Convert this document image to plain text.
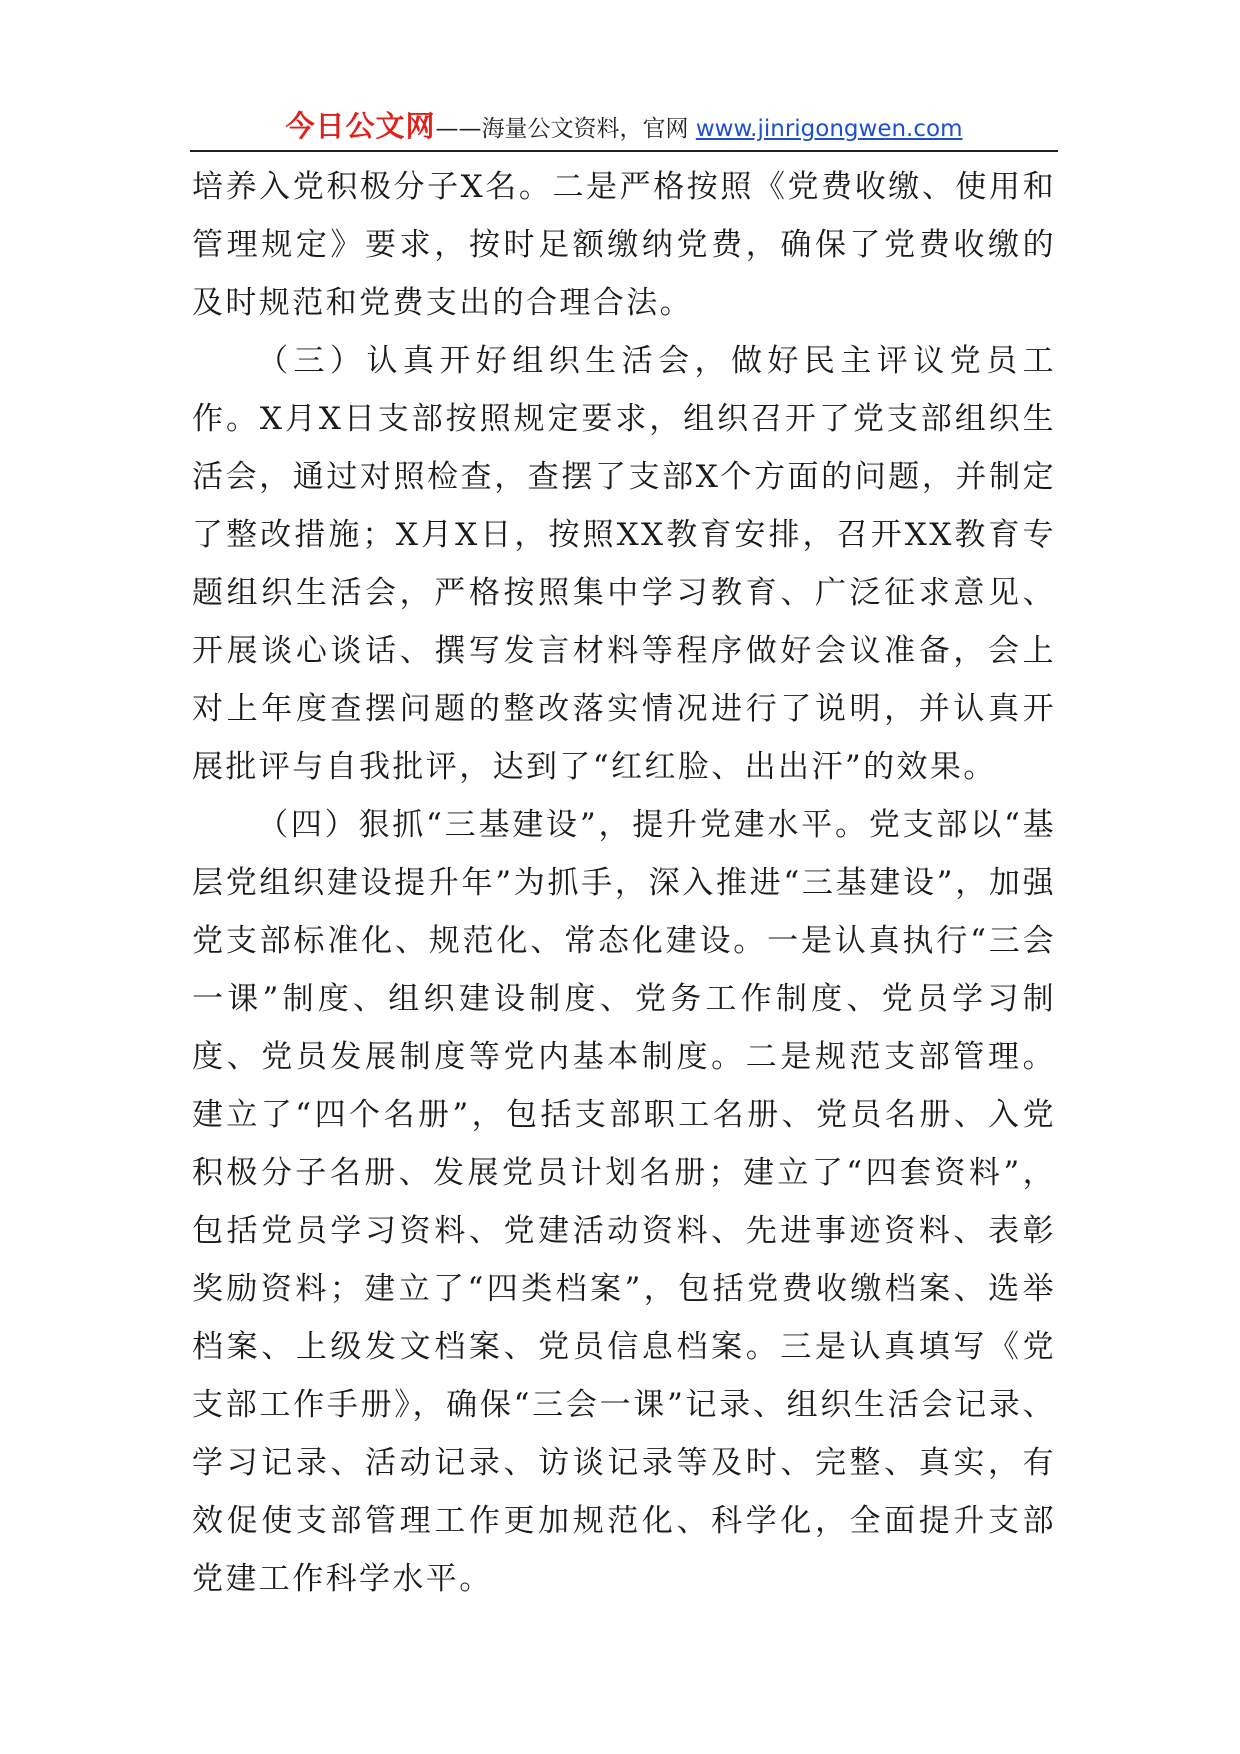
今日公文网——海量公文资料，官网 www.jinrigongwen.com

培养入党积极分子X名。二是严格按照《党费收缴、使用和管理规定》要求，按时足额缴纳党费，确保了党费收缴的及时规范和党费支出的合理合法。

（三）认真开好组织生活会，做好民主评议党员工作。X月X日支部按照规定要求，组织召开了党支部组织生活会，通过对照检查，查摆了支部X个方面的问题，并制定了整改措施；X月X日，按照XX教育安排，召开XX教育专题组织生活会，严格按照集中学习教育、广泛征求意见、开展谈心谈话、撰写发言材料等程序做好会议准备，会上对上年度查摆问题的整改落实情况进行了说明，并认真开展批评与自我批评，达到了“红红脸、出出汗”的效果。

（四）狠抓“三基建设”，提升党建水平。党支部以“基层党组织建设提升年”为抓手，深入推进“三基建设”，加强党支部标准化、规范化、常态化建设。一是认真执行“三会一课”制度、组织建设制度、党务工作制度、党员学习制度、党员发展制度等党内基本制度。二是规范支部管理。建立了“四个名册”，包括支部职工名册、党员名册、入党积极分子名册、发展党员计划名册；建立了“四套资料”，包括党员学习资料、党建活动资料、先进事迹资料、表彰奖励资料；建立了“四类档案”，包括党费收缴档案、选举档案、上级发文档案、党员信息档案。三是认真填写《党支部工作手册》，确保“三会一课”记录、组织生活会记录、学习记录、活动记录、访谈记录等及时、完整、真实，有效促使支部管理工作更加规范化、科学化，全面提升支部党建工作科学水平。
